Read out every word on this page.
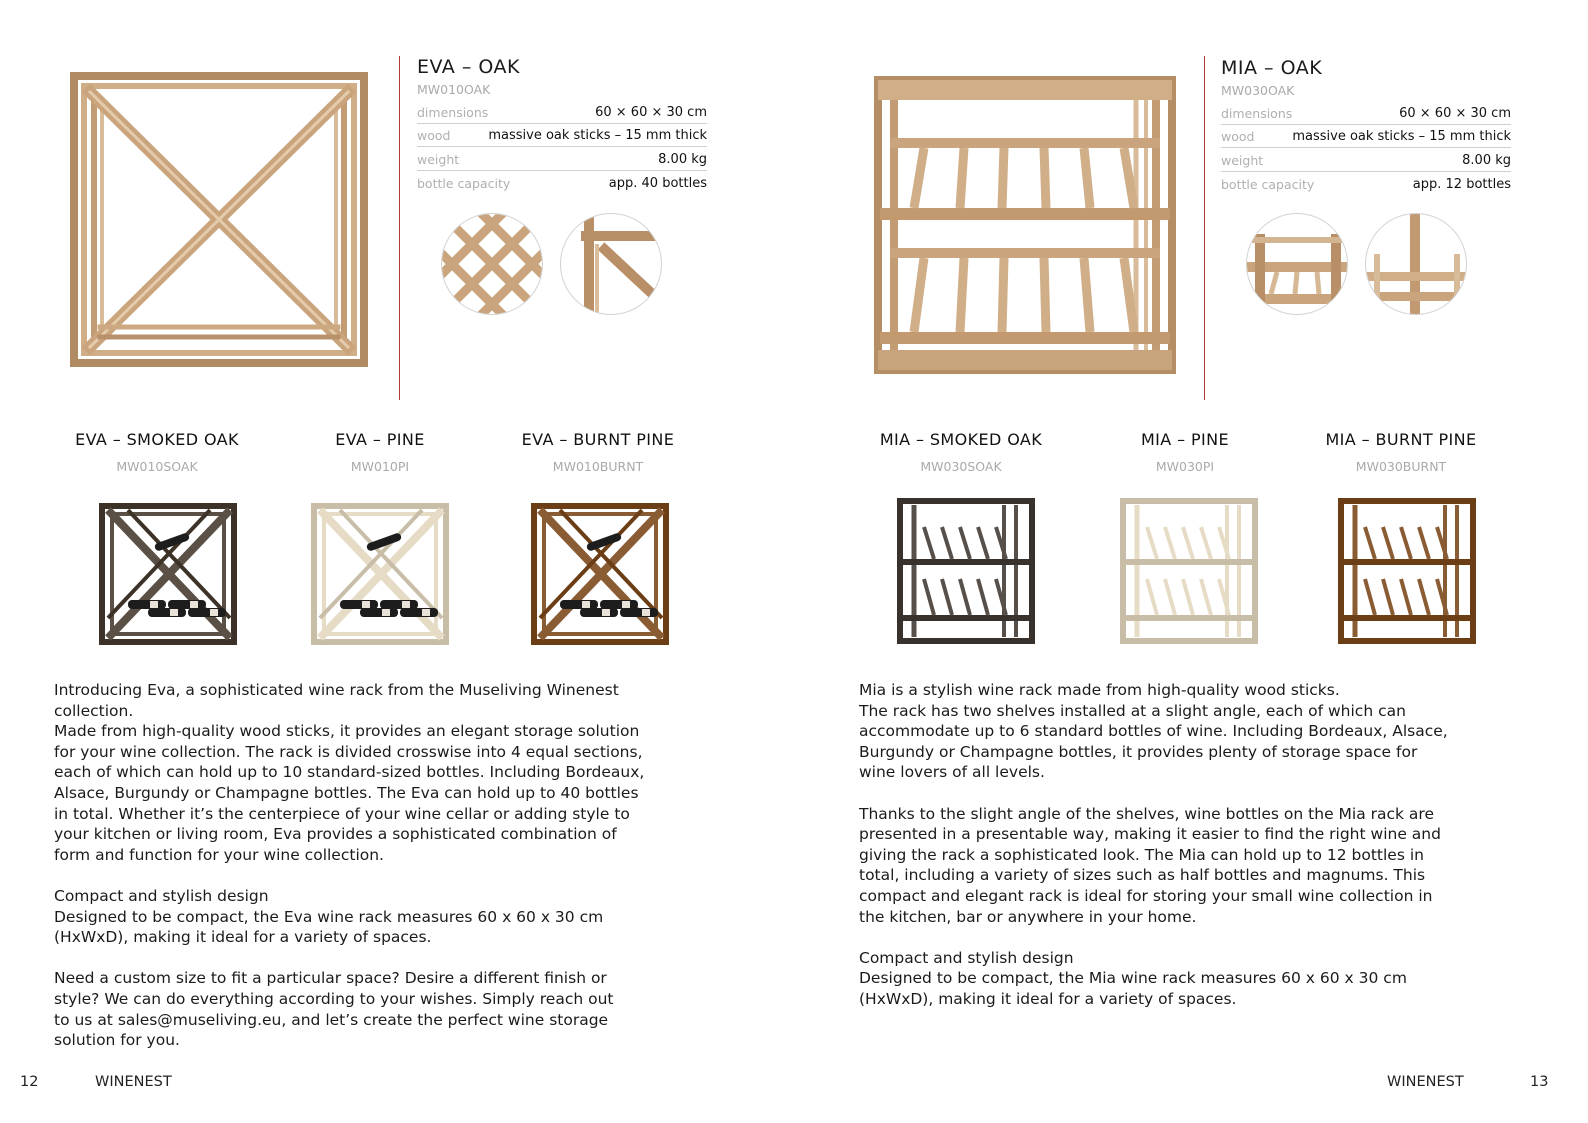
EVA – OAK
MW010OAK
dimensions	60 × 60 × 30 cm
wood	massive oak sticks – 15 mm thick
weight	8.00 kg
bottle capacity	app. 40 bottles
EVA – SMOKED OAK
MW010SOAK
EVA – PINE
MW010PI
EVA – BURNT PINE
MW010BURNT

Introducing Eva, a sophisticated wine rack from the Museliving Winenest
collection.
Made from high-quality wood sticks, it provides an elegant storage solution
for your wine collection. The rack is divided crosswise into 4 equal sections,
each of which can hold up to 10 standard-sized bottles. Including Bordeaux,
Alsace, Burgundy or Champagne bottles. The Eva can hold up to 40 bottles
in total. Whether it’s the centerpiece of your wine cellar or adding style to
your kitchen or living room, Eva provides a sophisticated combination of
form and function for your wine collection.

Compact and stylish design
Designed to be compact, the Eva wine rack measures 60 x 60 x 30 cm
(HxWxD), making it ideal for a variety of spaces.

Need a custom size to fit a particular space? Desire a different finish or
style? We can do everything according to your wishes. Simply reach out
to us at sales@museliving.eu, and let’s create the perfect wine storage
solution for you.

12	WINENEST
MIA – OAK
MW030OAK
dimensions	60 × 60 × 30 cm
wood	massive oak sticks – 15 mm thick
weight	8.00 kg
bottle capacity	app. 12 bottles
MIA – SMOKED OAK
MW030SOAK
MIA – PINE
MW030PI
MIA – BURNT PINE
MW030BURNT

Mia is a stylish wine rack made from high-quality wood sticks.
The rack has two shelves installed at a slight angle, each of which can
accommodate up to 6 standard bottles of wine. Including Bordeaux, Alsace,
Burgundy or Champagne bottles, it provides plenty of storage space for
wine lovers of all levels.

Thanks to the slight angle of the shelves, wine bottles on the Mia rack are
presented in a presentable way, making it easier to find the right wine and
giving the rack a sophisticated look. The Mia can hold up to 12 bottles in
total, including a variety of sizes such as half bottles and magnums. This
compact and elegant rack is ideal for storing your small wine collection in
the kitchen, bar or anywhere in your home.

Compact and stylish design
Designed to be compact, the Mia wine rack measures 60 x 60 x 30 cm
(HxWxD), making it ideal for a variety of spaces.

WINENEST	13
